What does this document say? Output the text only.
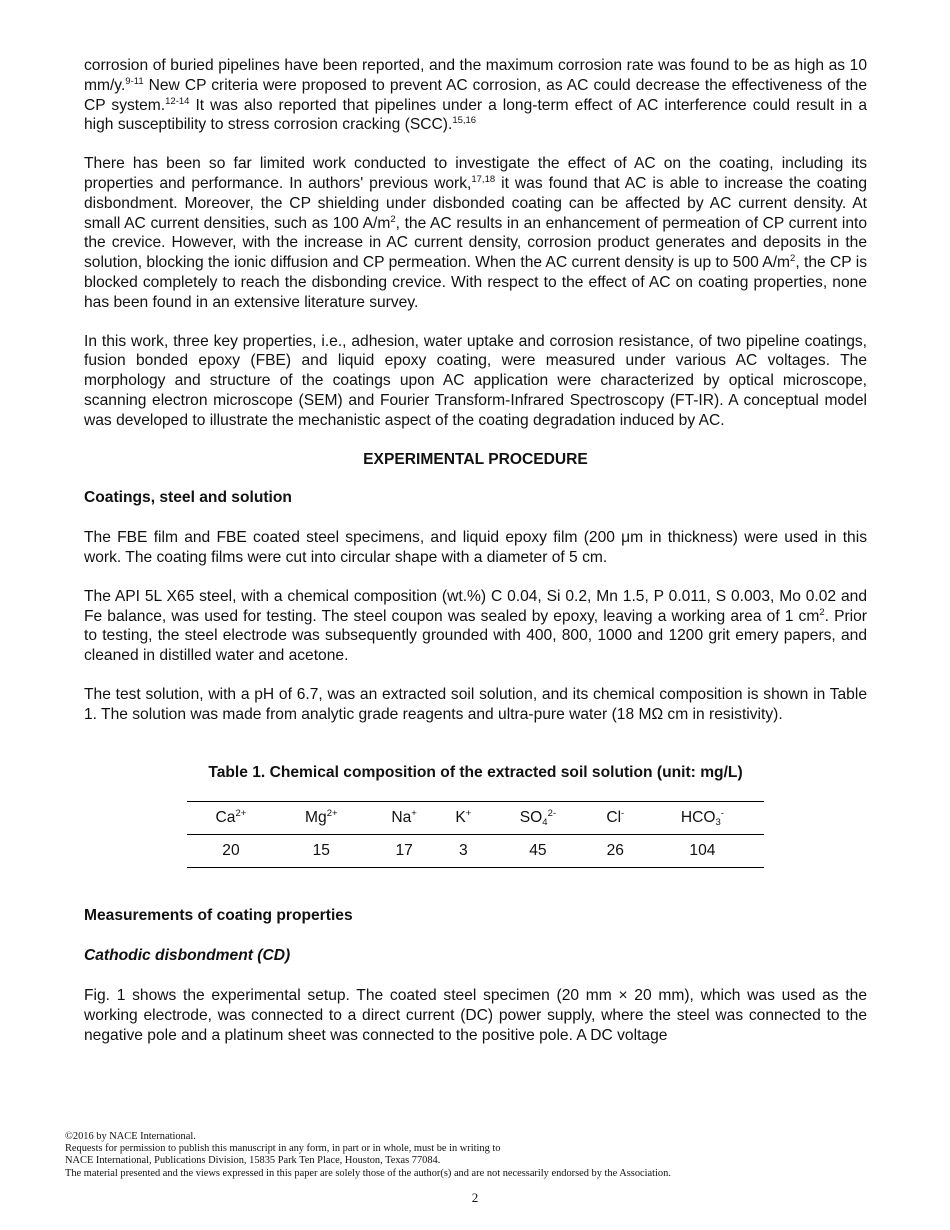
corrosion of buried pipelines have been reported, and the maximum corrosion rate was found to be as high as 10 mm/y.$^{9-11}$ New CP criteria were proposed to prevent AC corrosion, as AC could decrease the effectiveness of the CP system.$^{12-14}$ It was also reported that pipelines under a long-term effect of AC interference could result in a high susceptibility to stress corrosion cracking (SCC).$^{15,16}$

There has been so far limited work conducted to investigate the effect of AC on the coating, including its properties and performance. In authors' previous work,$^{17,18}$ it was found that AC is able to increase the coating disbondment. Moreover, the CP shielding under disbonded coating can be affected by AC current density. At small AC current densities, such as 100 $A/m^2$, the AC results in an enhancement of permeation of CP current into the crevice. However, with the increase in AC current density, corrosion product generates and deposits in the solution, blocking the ionic diffusion and CP permeation. When the AC current density is up to 500 $A/m^2$, the CP is blocked completely to reach the disbonding crevice. With respect to the effect of AC on coating properties, none has been found in an extensive literature survey.

In this work, three key properties, i.e., adhesion, water uptake and corrosion resistance, of two pipeline coatings, fusion bonded epoxy (FBE) and liquid epoxy coating, were measured under various AC voltages. The morphology and structure of the coatings upon AC application were characterized by optical microscope, scanning electron microscope (SEM) and Fourier Transform-Infrared Spectroscopy (FT-IR). A conceptual model was developed to illustrate the mechanistic aspect of the coating degradation induced by AC.

EXPERIMENTAL PROCEDURE
Coatings, steel and solution

The FBE film and FBE coated steel specimens, and liquid epoxy film (200 μm in thickness) were used in this work. The coating films were cut into circular shape with a diameter of 5 cm.

The API 5L X65 steel, with a chemical composition (wt.%) C 0.04, Si 0.2, Mn 1.5, P 0.011, S 0.003, Mo 0.02 and Fe balance, was used for testing. The steel coupon was sealed by epoxy, leaving a working area of 1 $cm^2$. Prior to testing, the steel electrode was subsequently grounded with 400, 800, 1000 and 1200 grit emery papers, and cleaned in distilled water and acetone.

The test solution, with a pH of 6.7, was an extracted soil solution, and its chemical composition is shown in Table 1. The solution was made from analytic grade reagents and ultra-pure water (18 MΩ cm in resistivity).

Table 1. Chemical composition of the extracted soil solution (unit: mg/L)
$Ca^{2+}$	$Mg^{2+}$	Na+	K+	$SO_4^{2-}$	Cl-	$HCO_3^-$
20	15	17	3	45	26	104
Measurements of coating properties
Cathodic disbondment (CD)

Fig. 1 shows the experimental setup. The coated steel specimen (20 mm × 20 mm), which was used as the working electrode, was connected to a direct current (DC) power supply, where the steel was connected to the negative pole and a platinum sheet was connected to the positive pole. A DC voltage

©2016 by NACE International.
Requests for permission to publish this manuscript in any form, in part or in whole, must be in writing to
NACE International, Publications Division, 15835 Park Ten Place, Houston, Texas 77084.
The material presented and the views expressed in this paper are solely those of the author(s) and are not necessarily endorsed by the Association.
2
